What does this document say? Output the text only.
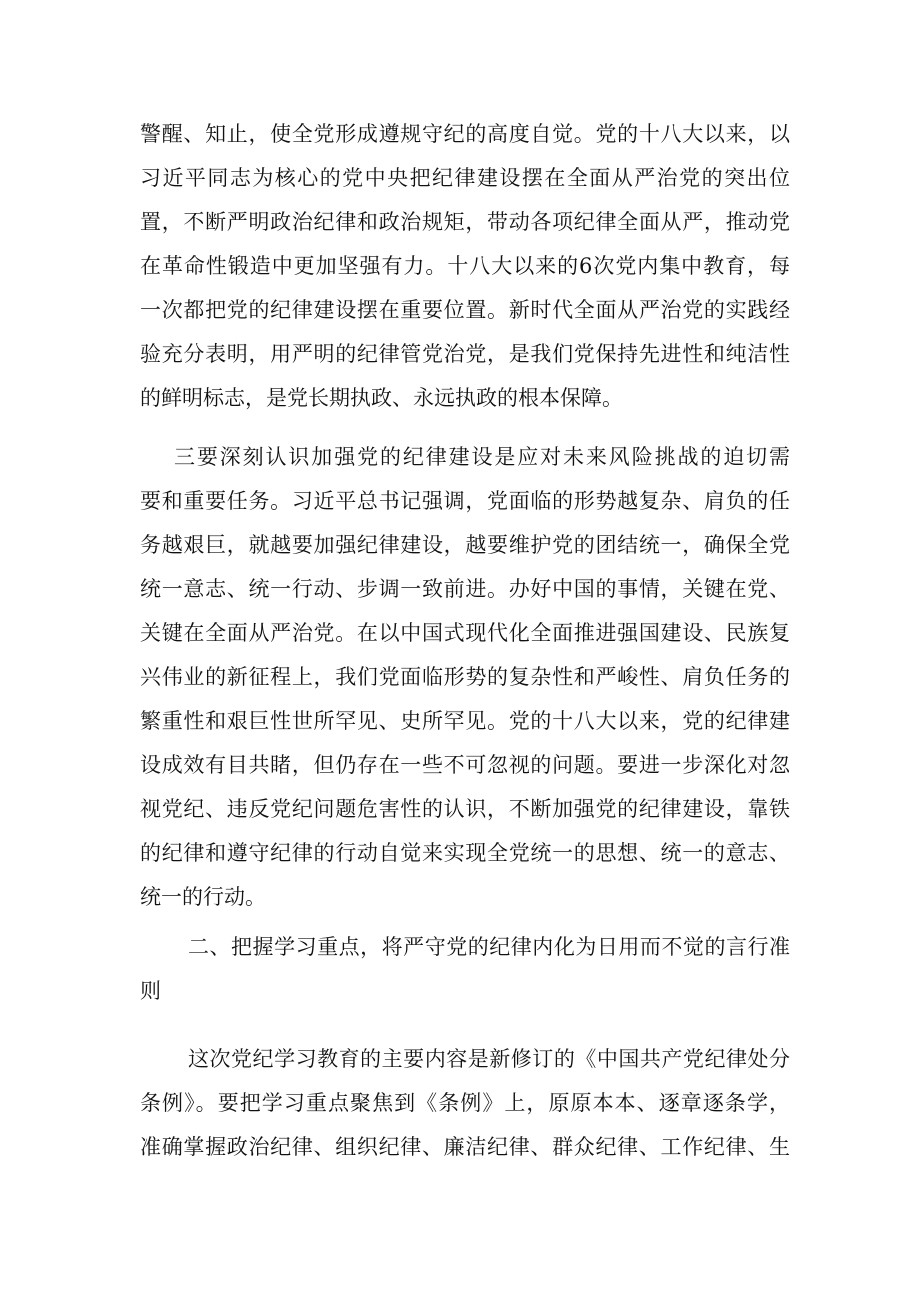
警醒、知止，使全党形成遵规守纪的高度自觉。党的十八大以来，以
习近平同志为核心的党中央把纪律建设摆在全面从严治党的突出位
置，不断严明政治纪律和政治规矩，带动各项纪律全面从严，推动党
在革命性锻造中更加坚强有力。十八大以来的6次党内集中教育，每
一次都把党的纪律建设摆在重要位置。新时代全面从严治党的实践经
验充分表明，用严明的纪律管党治党，是我们党保持先进性和纯洁性
的鲜明标志，是党长期执政、永远执政的根本保障。
三要深刻认识加强党的纪律建设是应对未来风险挑战的迫切需
要和重要任务。习近平总书记强调，党面临的形势越复杂、肩负的任
务越艰巨，就越要加强纪律建设，越要维护党的团结统一，确保全党
统一意志、统一行动、步调一致前进。办好中国的事情，关键在党、
关键在全面从严治党。在以中国式现代化全面推进强国建设、民族复
兴伟业的新征程上，我们党面临形势的复杂性和严峻性、肩负任务的
繁重性和艰巨性世所罕见、史所罕见。党的十八大以来，党的纪律建
设成效有目共睹，但仍存在一些不可忽视的问题。要进一步深化对忽
视党纪、违反党纪问题危害性的认识，不断加强党的纪律建设，靠铁
的纪律和遵守纪律的行动自觉来实现全党统一的思想、统一的意志、
统一的行动。
二、把握学习重点，将严守党的纪律内化为日用而不觉的言行准
则
这次党纪学习教育的主要内容是新修订的《中国共产党纪律处分
条例》。要把学习重点聚焦到《条例》上，原原本本、逐章逐条学，
准确掌握政治纪律、组织纪律、廉洁纪律、群众纪律、工作纪律、生
